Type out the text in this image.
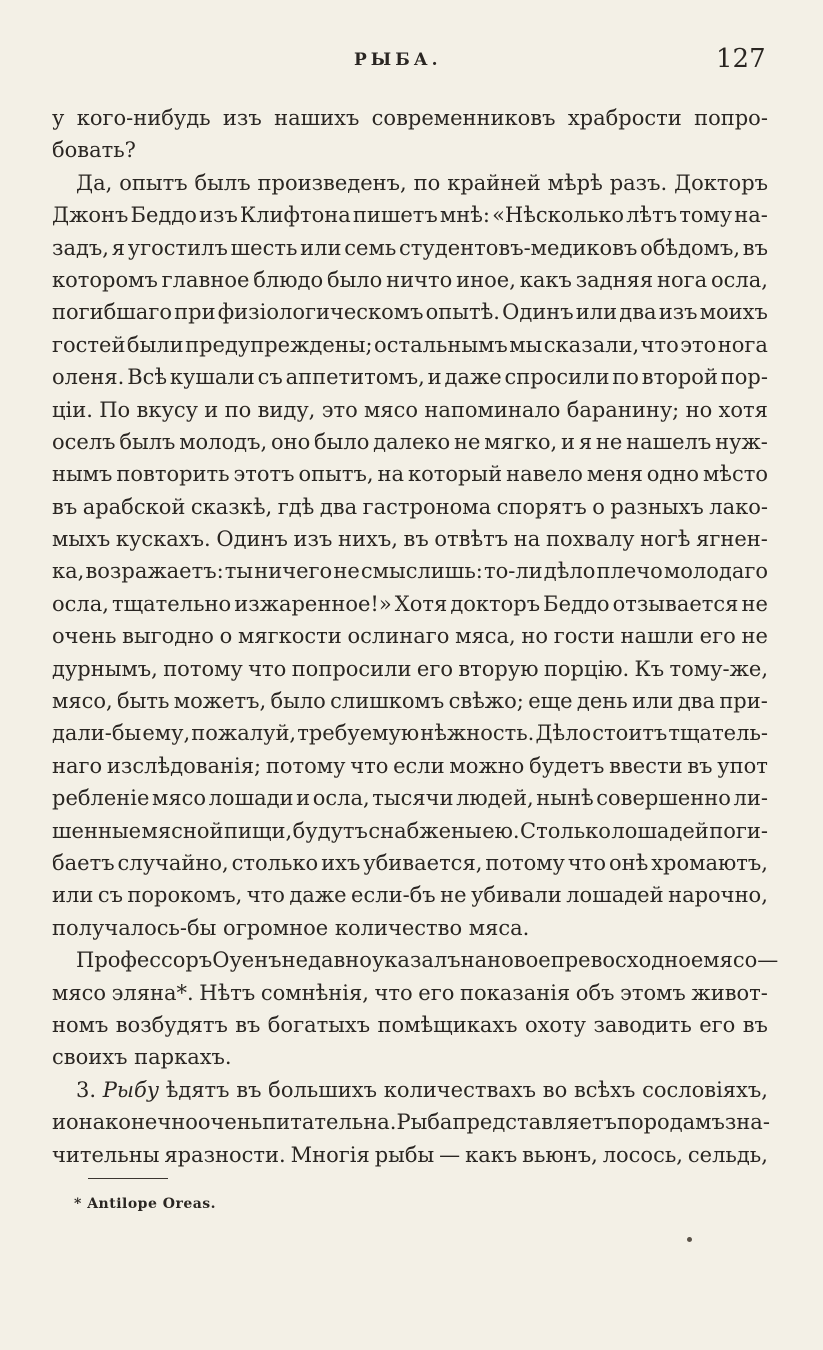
РЫБА.	127
у кого-нибудь изъ нашихъ современниковъ храбрости попро-
бовать?
Да, опытъ былъ произведенъ, по крайней мѣрѣ разъ. Докторъ
Джонъ Беддо изъ Клифтона пишетъ мнѣ: «Нѣсколько лѣтъ тому на-
задъ, я угостилъ шесть или семь студентовъ-медиковъ обѣдомъ, въ
которомъ главное блюдо было ничто иное, какъ задняя нога осла,
погибшаго при физіологическомъ опытѣ. Одинъ или два изъ моихъ
гостей были предупреждены; остальнымъ мы сказали, что это нога
оленя. Всѣ кушали съ аппетитомъ, и даже спросили по второй пор-
ціи. По вкусу и по виду, это мясо напоминало баранину; но хотя
оселъ былъ молодъ, оно было далеко не мягко, и я не нашелъ нуж-
нымъ повторить этотъ опытъ, на который навело меня одно мѣсто
въ арабской сказкѣ, гдѣ два гастронома спорятъ о разныхъ лако-
мыхъ кускахъ. Одинъ изъ нихъ, въ отвѣтъ на похвалу ногѣ ягнен-
ка, возражаетъ: ты ничего не смыслишь: то-ли дѣло плечо молодаго
осла, тщательно изжаренное!» Хотя докторъ Беддо отзывается не
очень выгодно о мягкости ослинаго мяса, но гости нашли его не
дурнымъ, потому что попросили его вторую порцію. Къ тому-же,
мясо, быть можетъ, было слишкомъ свѣжо; еще день или два при-
дали-бы ему, пожалуй, требуемую нѣжность. Дѣло стоитъ тщатель-
наго изслѣдованія; потому что если можно будетъ ввести въ упот
ребленіе мясо лошади и осла, тысячи людей, нынѣ совершенно ли-
шенные мясной пищи, будутъ снабжены ею. Столько лошадей поги-
баетъ случайно, столько ихъ убивается, потому что онѣ хромаютъ,
или съ порокомъ, что даже если-бъ не убивали лошадей нарочно,
получалось-бы огромное количество мяса.
Профессоръ Оуенъ недавно указалъ на новое превосходное мясо—
мясо эляна*. Нѣтъ сомнѣнія, что его показанія объ этомъ живот-
номъ возбудятъ въ богатыхъ помѣщикахъ охоту заводить его въ
своихъ паркахъ.
3. Рыбу ѣдятъ въ большихъ количествахъ во всѣхъ сословіяхъ,
и она конечно очень питательна. Рыба представляетъ по родамъ зна-
чительны яразности. Многія рыбы — какъ вьюнъ, лосось, сельдь,
* Antilope Oreas.
